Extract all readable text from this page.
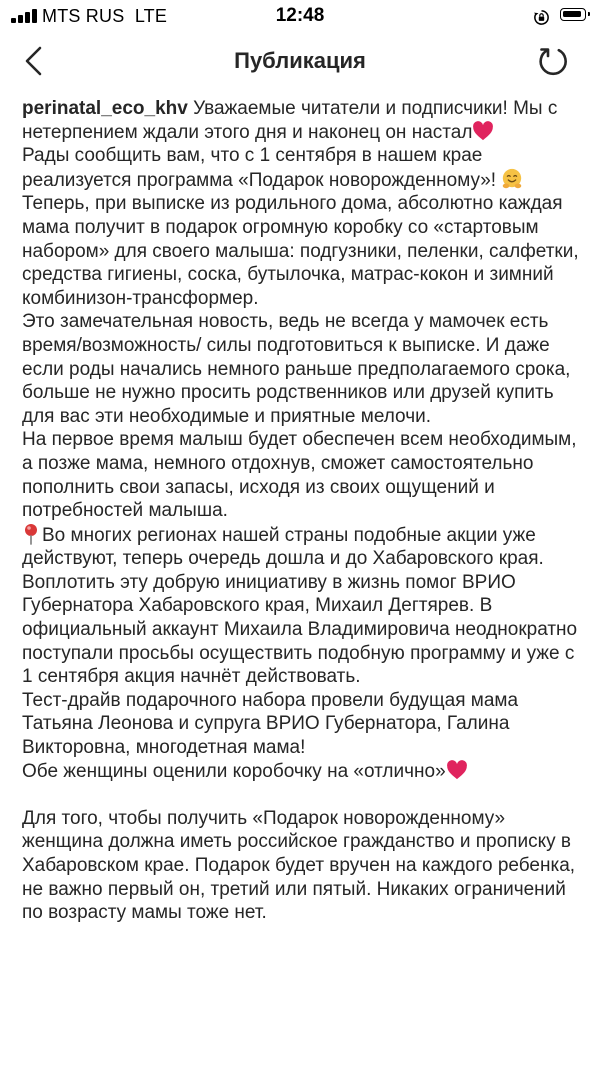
MTS RUS LTE	12:48
Публикация

perinatal_eco_khv Уважаемые читатели и подписчики! Мы с нетерпением ждали этого дня и наконец он настал

Рады сообщить вам, что с 1 сентября в нашем крае реализуется программа «Подарок новорожденному»!

Теперь, при выписке из родильного дома, абсолютно каждая мама получит в подарок огромную коробку со «стартовым набором» для своего малыша: подгузники, пеленки, салфетки, средства гигиены, соска, бутылочка, матрас-кокон и зимний комбинизон-трансформер.

Это замечательная новость, ведь не всегда у мамочек есть время/возможность/ силы подготовиться к выписке. И даже если роды начались немного раньше предполагаемого срока, больше не нужно просить родственников или друзей купить для вас эти необходимые и приятные мелочи.

На первое время малыш будет обеспечен всем необходимым, а позже мама, немного отдохнув, сможет самостоятельно пополнить свои запасы, исходя из своих ощущений и потребностей малыша.

Во многих регионах нашей страны подобные акции уже действуют, теперь очередь дошла и до Хабаровского края. Воплотить эту добрую инициативу в жизнь помог ВРИО Губернатора Хабаровского края, Михаил Дегтярев. В официальный аккаунт Михаила Владимировича неоднократно поступали просьбы осуществить подобную программу и уже с 1 сентября акция начнёт действовать.

Тест-драйв подарочного набора провели будущая мама Татьяна Леонова и супруга ВРИО Губернатора, Галина Викторовна, многодетная мама!

Обе женщины оценили коробочку на «отлично»

Для того, чтобы получить «Подарок новорожденному» женщина должна иметь российское гражданство и прописку в Хабаровском крае. Подарок будет вручен на каждого ребенка, не важно первый он, третий или пятый. Никаких ограничений по возрасту мамы тоже нет.
